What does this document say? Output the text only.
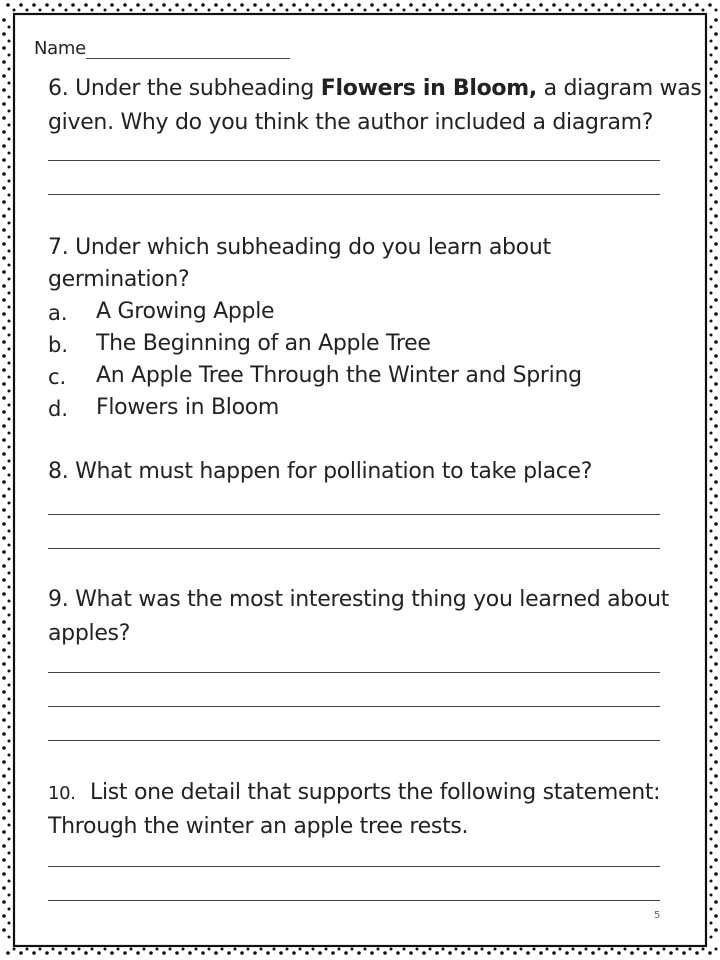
Name
6. Under the subheading Flowers in Bloom, a diagram was
given. Why do you think the author included a diagram?
7. Under which subheading do you learn about
germination?
a. A Growing Apple
b. The Beginning of an Apple Tree
c. An Apple Tree Through the Winter and Spring
d. Flowers in Bloom
8. What must happen for pollination to take place?
9. What was the most interesting thing you learned about
apples?
10. List one detail that supports the following statement:
Through the winter an apple tree rests.
5
